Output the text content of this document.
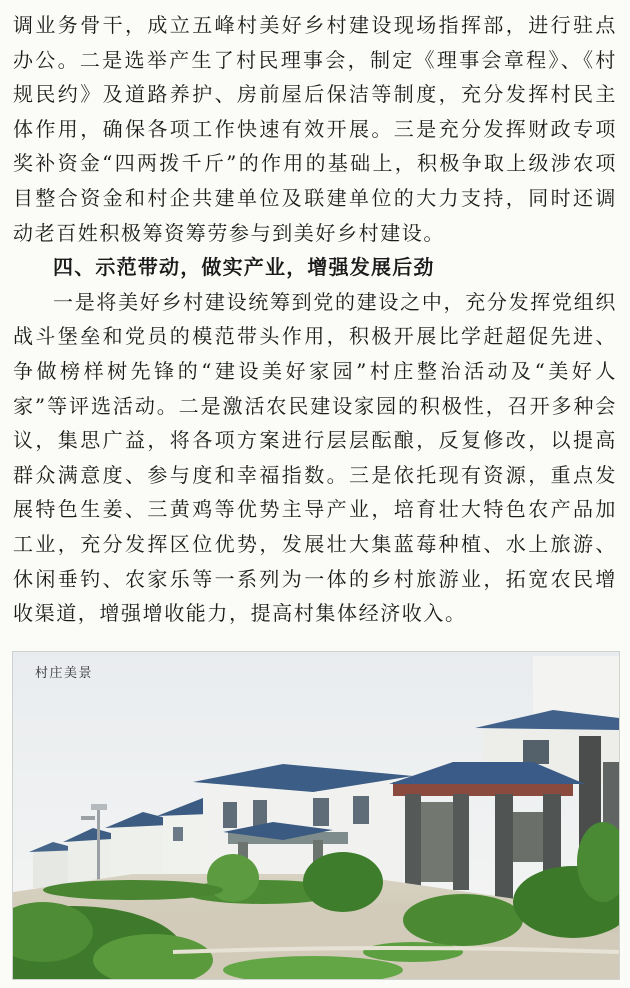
调业务骨干，成立五峰村美好乡村建设现场指挥部，进行驻点办公。二是选举产生了村民理事会，制定《理事会章程》、《村规民约》及道路养护、房前屋后保洁等制度，充分发挥村民主体作用，确保各项工作快速有效开展。三是充分发挥财政专项奖补资金“四两拨千斤”的作用的基础上，积极争取上级涉农项目整合资金和村企共建单位及联建单位的大力支持，同时还调动老百姓积极筹资筹劳参与到美好乡村建设。

四、示范带动，做实产业，增强发展后劲

一是将美好乡村建设统筹到党的建设之中，充分发挥党组织战斗堡垒和党员的模范带头作用，积极开展比学赶超促先进、争做榜样树先锋的“建设美好家园”村庄整治活动及“美好人家”等评选活动。二是激活农民建设家园的积极性，召开多种会议，集思广益，将各项方案进行层层酝酿，反复修改，以提高群众满意度、参与度和幸福指数。三是依托现有资源，重点发展特色生姜、三黄鸡等优势主导产业，培育壮大特色农产品加工业，充分发挥区位优势，发展壮大集蓝莓种植、水上旅游、休闲垂钓、农家乐等一系列为一体的乡村旅游业，拓宽农民增收渠道，增强增收能力，提高村集体经济收入。

村庄美景
